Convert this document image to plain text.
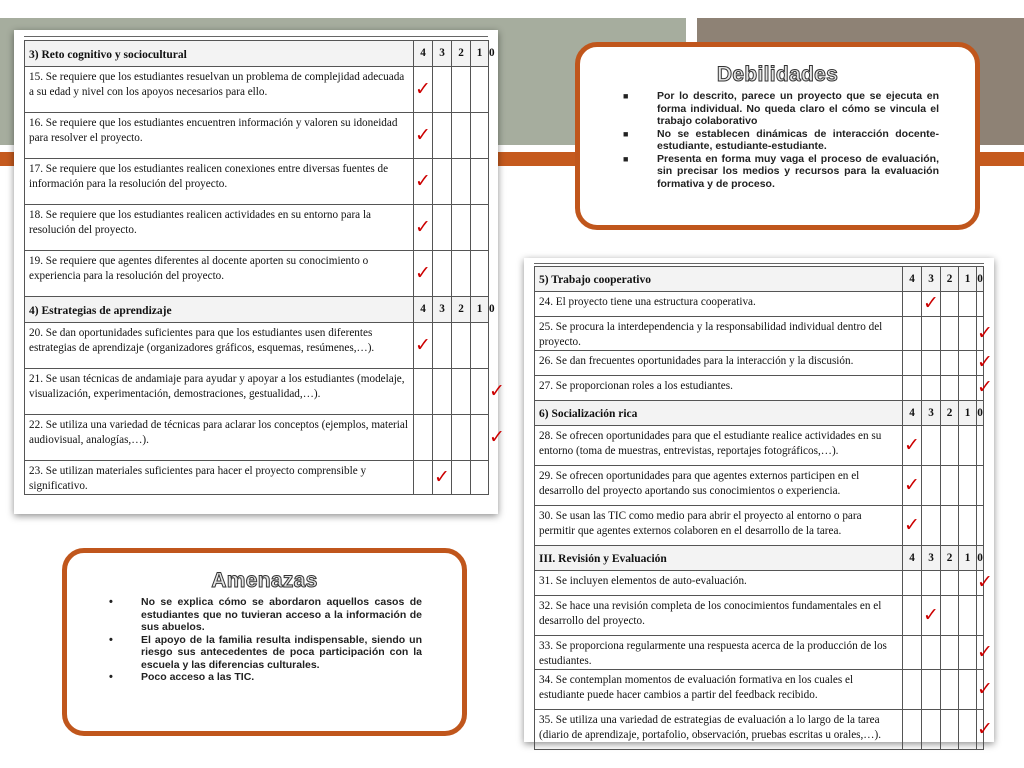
3) Reto cognitivo y sociocultural	4	3	2	1	0
15. Se requiere que los estudiantes resuelvan un problema de complejidad adecuada a su edad y nivel con los apoyos necesarios para ello.	✓				
16. Se requiere que los estudiantes encuentren información y valoren su idoneidad para resolver el proyecto.	✓				
17. Se requiere que los estudiantes realicen conexiones entre diversas fuentes de información para la resolución del proyecto.	✓				
18. Se requiere que los estudiantes realicen actividades en su entorno para la resolución del proyecto.	✓				
19. Se requiere que agentes diferentes al docente aporten su conocimiento o experiencia para la resolución del proyecto.	✓				
4) Estrategias de aprendizaje	4	3	2	1	0
20. Se dan oportunidades suficientes para que los estudiantes usen diferentes estrategias de aprendizaje (organizadores gráficos, esquemas, resúmenes,…).	✓				
21. Se usan técnicas de andamiaje para ayudar y apoyar a los estudiantes (modelaje, visualización, experimentación, demostraciones, gestualidad,…).					✓
22. Se utiliza una variedad de técnicas para aclarar los conceptos (ejemplos, material audiovisual, analogías,…).					✓
23. Se utilizan materiales suficientes para hacer el proyecto comprensible y significativo.		✓			
5) Trabajo cooperativo	4	3	2	1	0
24. El proyecto tiene una estructura cooperativa.		✓			
25. Se procura la interdependencia y la responsabilidad individual dentro del proyecto.					✓
26. Se dan frecuentes oportunidades para la interacción y la discusión.					✓
27. Se proporcionan roles a los estudiantes.					✓
6) Socialización rica	4	3	2	1	0
28. Se ofrecen oportunidades para que el estudiante realice actividades en su entorno (toma de muestras, entrevistas, reportajes fotográficos,…).	✓				
29. Se ofrecen oportunidades para que agentes externos participen en el desarrollo del proyecto aportando sus conocimientos o experiencia.	✓				
30. Se usan las TIC como medio para abrir el proyecto al entorno o para permitir que agentes externos colaboren en el desarrollo de la tarea.	✓				
III. Revisión y Evaluación	4	3	2	1	0
31. Se incluyen elementos de auto-evaluación.					✓
32. Se hace una revisión completa de los conocimientos fundamentales en el desarrollo del proyecto.		✓			
33. Se proporciona regularmente una respuesta acerca de la producción de los estudiantes.					✓
34. Se contemplan momentos de evaluación formativa en los cuales el estudiante puede hacer cambios a partir del feedback recibido.					✓
35. Se utiliza una variedad de estrategias de evaluación a lo largo de la tarea (diario de aprendizaje, portafolio, observación, pruebas escritas u orales,…).					✓
Debilidades
■	Por lo descrito, parece un proyecto que se ejecuta en forma individual. No queda claro el cómo se vincula el trabajo colaborativo
■	No se establecen dinámicas de interacción docente-estudiante, estudiante-estudiante.
■	Presenta en forma muy vaga el proceso de evaluación, sin precisar los medios y recursos para la evaluación formativa y de proceso.
Amenazas
•	No se explica cómo se abordaron aquellos casos de estudiantes que no tuvieran acceso a la información de sus abuelos.
•	El apoyo de la familia resulta indispensable, siendo un riesgo sus antecedentes de poca participación con la escuela y las diferencias culturales.
•	Poco acceso a las TIC.
